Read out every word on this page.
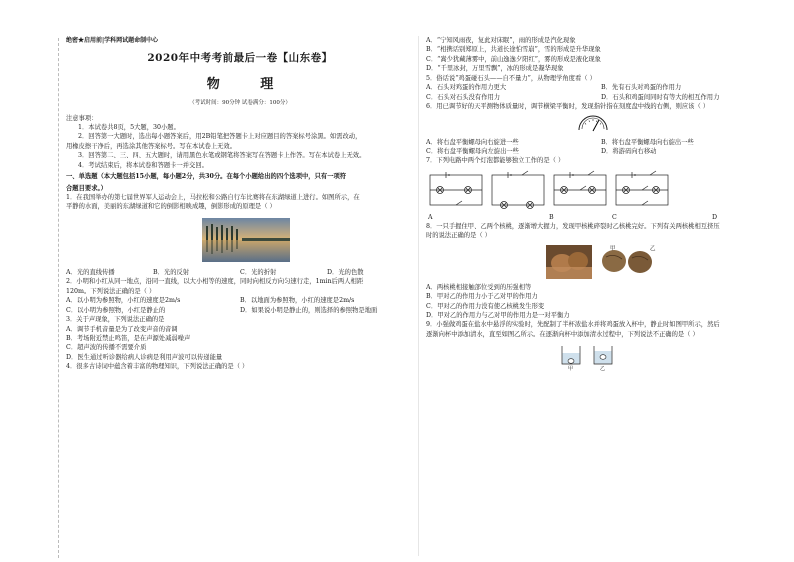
绝密★启用前|学科网试题命制中心

2020年中考考前最后一卷【山东卷】

物 理

（考试时间：90分钟 试卷满分：100分）

注意事项：

1．本试卷共8页，5大题，30小题。

2．回答第一大题时，选出每小题答案后，用2B铅笔把答题卡上对应题目的答案标号涂黑。如需改动，

用橡皮擦干净后，再选涂其他答案标号。写在本试卷上无效。

3．回答第二、三、四、五大题时，请用黑色水笔或钢笔将答案写在答题卡上作答。写在本试卷上无效。

4．考试结束后，将本试卷和答题卡一并交回。

一、单选题（本大题包括15小题，每小题2分，共30分。在每个小题给出的四个选项中，只有一项符

合题目要求。）

1．在我国举办的第七届世界军人运动会上，马拉松和公路自行车比赛将在东湖绿道上进行。如图所示，在

平静的水面，美丽的东湖绿道和它的倒影相映成趣，倒影形成的原理是（ ）

A．光的直线传播	B．光的反射	C．光的折射	D．光的色散

2．小明和小红从同一地点，沿同一直线，以大小相等的速度，同时向相反方向匀速行走，1min后两人相距

120m。下列说法正确的是（ ）

A．以小明为参照物，小红的速度是2m/s	B．以地面为参照物，小红的速度是2m/s
C．以小明为参照物，小红是静止的	D．如果说小明是静止的，则选择的参照物是地面

3．关于声现象，下列说法正确的是

A．调节手机音量是为了改变声音的音调

B．考场附近禁止鸣笛，是在声源处减弱噪声

C．超声波的传播不需要介质

D．医生通过听诊器给病人诊病是利用声波可以传递能量

4．很多古诗词中蕴含着丰富的物理知识，下列说法正确的是（ ）

A．“宁知风雨夜，复此对床眠”，雨的形成是汽化现象

B．“相携话别郑原上，共道长途怕雪崩”，雪的形成是升华现象

C．“嵩少犹藏薄雾中，前山逸逸夕阳红”，雾的形成是液化现象

D．“千里冰封，万里雪飘”，冰的形成是凝华现象

5．俗话说“鸡蛋碰石头——自不量力”，从物理学角度看（ ）

A．石头对鸡蛋的作用力更大	B．先有石头对鸡蛋的作用力
C．石头对石头没有作用力	D．石头和鸡蛋间同时有等大的相互作用力

6．用已调节好的天平测物体质量时，调节横梁平衡时，发现指针指在刻度盘中线的右侧，则应该（ ）

A．将右盘平衡螺母向右旋进一些	B．将右盘平衡螺母向右旋出一些
C．将右盘平衡螺母向左旋出一些	D．将游码向右移动

7．下列电路中两个灯泡都能够独立工作的是（ ）

A	B	C	D

8．一只手握住甲、乙两个核桃，逐渐增大握力，发现甲核桃碎裂时乙核桃完好。下列有关两核桃相互挤压

时的说法正确的是（ ）

甲	乙

A．两核桃相接触部位受到的压强相等

B．甲对乙的作用力小于乙对甲的作用力

C．甲对乙的作用力没有使乙核桃发生形变

D．甲对乙的作用力与乙对甲的作用力是一对平衡力

9．小强做鸡蛋在盐水中悬浮的实验时，先配制了半杯浓盐水并将鸡蛋放入杯中，静止时如图甲所示，然后

逐渐向杯中添加清水，直至如图乙所示。在逐渐向杯中添加清水过程中，下列说法不正确的是（ ）

甲	乙
